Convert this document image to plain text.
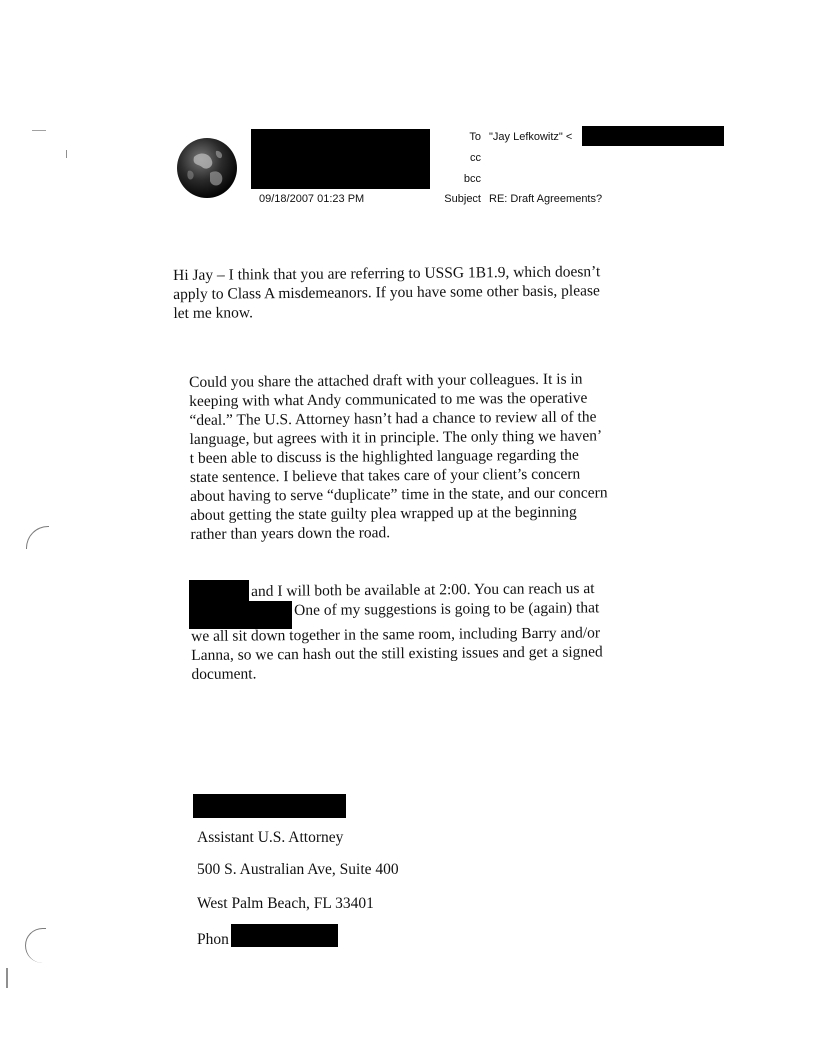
To "Jay Lefkowitz" <
cc
bcc
09/18/2007 01:23 PM	Subject RE: Draft Agreements?

Hi Jay – I think that you are referring to USSG 1B1.9, which doesn’t apply to Class A misdemeanors. If you have some other basis, please let me know.

Could you share the attached draft with your colleagues. It is in
keeping with what Andy communicated to me was the operative
“deal.” The U.S. Attorney hasn’t had a chance to review all of the
language, but agrees with it in principle. The only thing we haven’
t been able to discuss is the highlighted language regarding the
state sentence. I believe that takes care of your client’s concern
about having to serve “duplicate” time in the state, and our concern
about getting the state guilty plea wrapped up at the beginning
rather than years down the road.
and I will both be available at 2:00. You can reach us at
One of my suggestions is going to be (again) that
we all sit down together in the same room, including Barry and/or
Lanna, so we can hash out the still existing issues and get a signed
document.
Assistant U.S. Attorney
500 S. Australian Ave, Suite 400
West Palm Beach, FL 33401
Phon
